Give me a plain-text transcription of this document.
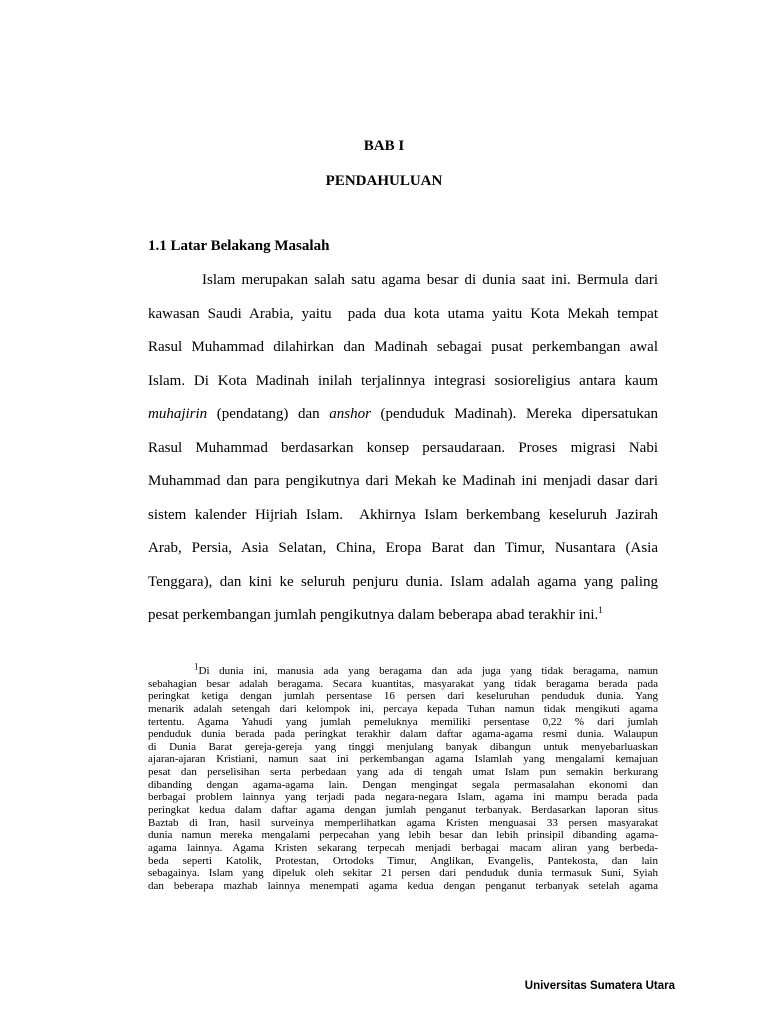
BAB I
PENDAHULUAN
1.1 Latar Belakang Masalah
Islam merupakan salah satu agama besar di dunia saat ini. Bermula dari
kawasan Saudi Arabia, yaitu  pada dua kota utama yaitu Kota Mekah tempat
Rasul Muhammad dilahirkan dan Madinah sebagai pusat perkembangan awal
Islam. Di Kota Madinah inilah terjalinnya integrasi sosioreligius antara kaum
muhajirin (pendatang) dan anshor (penduduk Madinah). Mereka dipersatukan
Rasul Muhammad berdasarkan konsep persaudaraan. Proses migrasi Nabi
Muhammad dan para pengikutnya dari Mekah ke Madinah ini menjadi dasar dari
sistem kalender Hijriah Islam.  Akhirnya Islam berkembang keseluruh Jazirah
Arab, Persia, Asia Selatan, China, Eropa Barat dan Timur, Nusantara (Asia
Tenggara), dan kini ke seluruh penjuru dunia. Islam adalah agama yang paling
pesat perkembangan jumlah pengikutnya dalam beberapa abad terakhir ini.$^1$
$^1$Di dunia ini, manusia ada yang beragama dan ada juga yang tidak beragama, namun
sebahagian besar adalah beragama. Secara kuantitas, masyarakat yang tidak beragama berada pada
peringkat ketiga dengan jumlah persentase 16 persen dari keseluruhan penduduk dunia. Yang
menarik adalah setengah dari kelompok ini, percaya kepada Tuhan namun tidak mengikuti agama
tertentu. Agama Yahudi yang jumlah pemeluknya memiliki persentase 0,22 % dari jumlah
penduduk dunia berada pada peringkat terakhir dalam daftar agama-agama resmi dunia. Walaupun
di Dunia Barat gereja-gereja yang tinggi menjulang banyak dibangun untuk menyebarluaskan
ajaran-ajaran Kristiani, namun saat ini perkembangan agama Islamlah yang mengalami kemajuan
pesat dan perselisihan serta perbedaan yang ada di tengah umat Islam pun semakin berkurang
dibanding dengan agama-agama lain. Dengan mengingat segala permasalahan ekonomi dan
berbagai problem lainnya yang terjadi pada negara-negara Islam, agama ini mampu berada pada
peringkat kedua dalam daftar agama dengan jumlah penganut terbanyak. Berdasarkan laporan situs
Baztab di Iran, hasil surveinya memperlihatkan agama Kristen menguasai 33 persen masyarakat
dunia namun mereka mengalami perpecahan yang lebih besar dan lebih prinsipil dibanding agama-
agama lainnya. Agama Kristen sekarang terpecah menjadi berbagai macam aliran yang berbeda-
beda seperti Katolik, Protestan, Ortodoks Timur, Anglikan, Evangelis, Pantekosta, dan lain
sebagainya. Islam yang dipeluk oleh sekitar 21 persen dari penduduk dunia termasuk Suni, Syiah
dan beberapa mazhab lainnya menempati agama kedua dengan penganut terbanyak setelah agama
Universitas Sumatera Utara
